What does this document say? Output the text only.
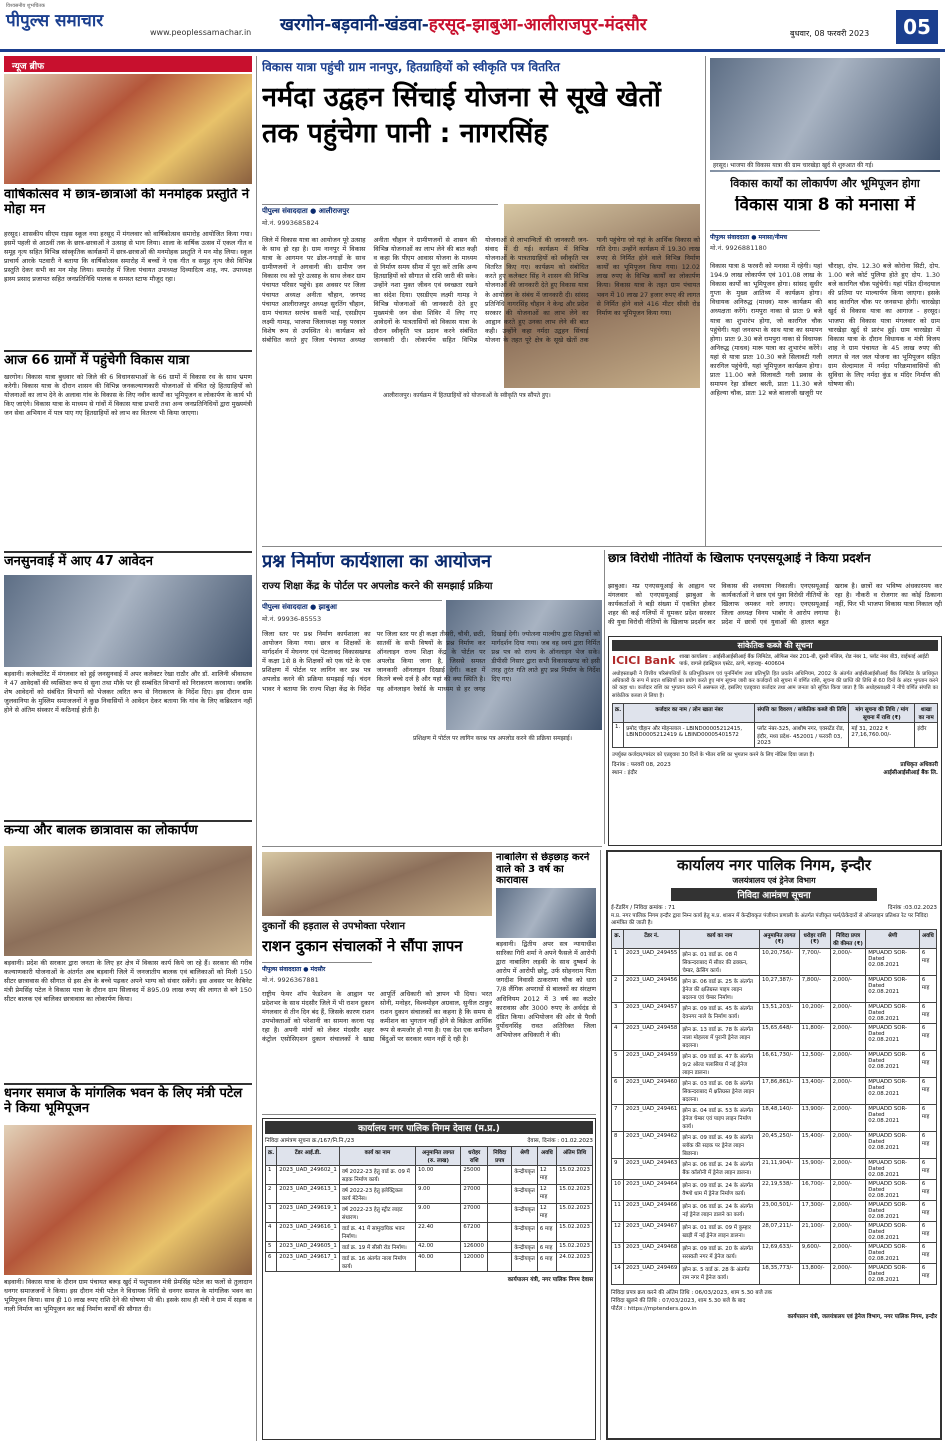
विश्वसनीय शुभचिंतक
पीपुल्स समाचार
www.peoplessamachar.in खरगोन-बड़वानी-खंडवा-हरसूद-झाबुआ-आलीराजपुर-मंदसौर	बुधवार, 08 फरवरी 2023	05
न्यूज ब्रीफ
वार्षिकोत्सव में छात्र-छात्राओं की मनमोहक प्रस्तुति ने मोहा मन
हरसूद। शासकीय सीएम राइस स्कूल नया हरसूद में मंगलवार को वार्षिकोत्सव समारोह आयोजित किया गया। इसमें पहली से आठवीं तक के छात्र-छात्राओं ने उत्साह से भाग लिया। शाला के वार्षिक उत्सव में एकल गीत व समूह नृत्य सहित विभिन्न सांस्कृतिक कार्यक्रमों में छात्र-छात्राओं की मनमोहक प्रस्तुति ने मन मोह लिया। स्कूल प्राचार्य आरके पटवारी ने बताया कि वार्षिकोत्सव समारोह में बच्चों ने एक गीत व समूह नृत्य जैसे विभिन्न प्रस्तुति देकर सभी का मन मोह लिया। समारोह में जिला पंचायत उपाध्यक्ष दिव्यादित्य शाह, नप. उपाध्यक्ष ह्रास्य प्रसाद प्रजापत सहित जनप्रतिनिधि पालक व समस्त स्टाफ मौजूद रहा।
आज 66 ग्रामों में पहुंचेगी विकास यात्रा
खरगोन। विकास यात्रा बुधवार को जिले की 6 विधानसभाओं के 66 ग्रामों में विकास रथ के साथ भ्रमण करेगी। विकास यात्रा के दौरान शासन की विभिन्न जनकल्याणकारी योजनाओं से वंचित रहे हितग्राहियों को योजनाओं का लाभ देने के अलावा गांव के विकास के लिए नवीन कार्यों का भूमिपूजन व लोकार्पण के कार्य भी किए जाएंगे। विकास यात्रा के माध्यम से गांवों में विकास यात्रा प्रभारी तथा अन्य जनप्रतिनिधियों द्वारा मुख्यमंत्री जन सेवा अभियान में पात्र पाए गए हितग्राहियों को लाभ का वितरण भी किया जाएगा।
जनसुनवाई में आए 47 आवेदन
बड़वानी। कलेक्टोरेट में मंगलवार को हुई जनसुनवाई में अपर कलेक्टर रेखा राठौर और डॉ. शालिनी श्रीवास्तव ने 47 आवेदकों की व्यक्तिशः रूप से सुना तथा मौके पर ही सम्बंधित विभागों को निराकरण करवाया। जबकि शेष आवेदनों को संबंधित विभागों को भेजकर त्वरित रूप से निराकरण के निर्देश दिए। इस दौरान ग्राम जुलवानिया के मुस्लिम समाजजनों ने कुछ निवासियों ने आवेदन देकर बताया कि गांव के लिए कब्रिस्तान नहीं होने से अंतिम संस्कार में कठिनाई होती है।
कन्या और बालक छात्रावास का लोकार्पण
बड़वानी। प्रदेश की सरकार द्वारा जनता के लिए हर क्षेत्र में विकास कार्य किये जा रहे हैं। सरकार की गरीब कल्याणकारी योजनाओं के अंतर्गत अब बड़वानी जिले में जनजातीय बालक एवं बालिकाओं को मिली 150 सीटर छात्रावास की सौगात से इस क्षेत्र के बच्चे पढ़कर अपने भाग्य को संवार सकेंगे। इस अवसर पर कैबिनेट मंत्री प्रेमसिंह पटेल ने विकास यात्रा के दौरान ग्राम सिलावद में 895.09 लाख रुपए की लागत से बने 150 सीटर बालक एवं बालिका छात्रावास का लोकार्पण किया।
धनगर समाज के मांगलिक भवन के लिए मंत्री पटेल ने किया भूमिपूजन
बड़वानी। विकास यात्रा के दौरान ग्राम पंचायत बरूड़ खुर्द में पशुपालन मंत्री प्रेमसिंह पटेल का फलों से तुलादान धनगर समाजजनों ने किया। इस दौरान मंत्री पटेल ने विधायक निधि से धनगर समाज के मांगलिक भवन का भूमिपूजन किया। साथ ही 10 लाख रुपए राशि देने की घोषणा भी की। इसके साथ ही मंत्री ने ग्राम में सड़क व नाली निर्माण का भूमिपूजन कर कई निर्माण कार्यों की सौगात दी।
विकास यात्रा पहुंची ग्राम नानपुर, हितग्राहियों को स्वीकृति पत्र वितरित
नर्मदा उद्वहन सिंचाई योजना से सूखे खेतों तक पहुंचेगा पानी : नागरसिंह
पीपुल्स संवाददाता ● आलीराजपुर
मो.नं. 9993685824
आलीराजपुर। कार्यक्रम में हितग्राहियों को योजनाओं के स्वीकृति पत्र सौंपते हुए।
जिले में विकास यात्रा का आयोजन पूरे उत्साह के साथ हो रहा है। ग्राम नानपुर में विकास यात्रा के आगमन पर ढोल-नगाड़ों के साथ ग्रामीणजनों ने अगवानी की। ग्रामीण जन विकास रथ को पूरे उत्साह के साथ लेकर ग्राम पंचायत परिसर पहुंचे। इस अवसर पर जिला पंचायत अध्यक्ष अनीता चौहान, जनपद पंचायत आलीराजपुर अध्यक्ष सुरतिंग चौहान, ग्राम पंचायत सरपंच सकरी भाई, एसडीएम लक्ष्मी गामड़, भाजपा जिलाध्यक्ष मकू परवाल विशेष रूप से उपस्थित थे। कार्यक्रम को संबोधित करते हुए जिला पंचायत अध्यक्ष अनीता चौहान ने ग्रामीणजनों से शासन की विभिन्न योजनाओं का लाभ लेने की बात कही व कहा कि पीएम आवास योजना के माध्यम से निर्माण समय सीमा में पूरा करें ताकि अन्य हितग्राहियों को सौगात से राशि जारी की सके। उन्होंने नशा मुक्त जीवन एवं स्वच्छता रखने का संदेश दिया। एसडीएम लक्ष्मी गामड़ ने विभिन्न योजनाओं की जानकारी देते हुए मुख्यमंत्री जन सेवा शिविर में लिए गए आवेदनों के पात्रतासियों को विकास यात्रा के दौरान स्वीकृति पत्र प्रदान करने संबंधित जानकारी दी। लोकार्पण सहित विभिन्न योजनाओं से लाभान्वितों की जानकारी जन-संवाद में दी गई। कार्यक्रम में विभिन्न योजनाओं के पात्रताग्राहियों को स्वीकृति पत्र वितरित किए गए। कार्यक्रम को संबोधित करते हुए कलेक्टर सिंह ने शासन की विभिन्न योजनाओं की जानकारी देते हुए विकास यात्रा के आयोजन के संबंध में जानकारी दी। सांसद प्रतिनिधि नागरसिंह चौहान ने केन्द्र और प्रदेश सरकार की योजनाओं का लाभ लेने का आह्वान करते हुए उनका लाभ लेने की बात कही। उन्होंने कहा नर्मदा उद्वहन सिंचाई योजना के तहत पूरे क्षेत्र के सूखे खेतों तक पानी पहुंचेगा जो यहां के आर्थिक विकास को गति देगा। उन्होंने कार्यक्रम में 19.30 लाख रुपए से निर्मित होने वाले विभिन्न निर्माण कार्यों का भूमिपूजन किया गया। 12.02 लाख रुपए के विभिन्न कार्यों का लोकार्पण किया। विकास यात्रा के तहत ग्राम पंचायत भवन में 10 लाख 27 हजार रुपए की लागत से निर्मित होने वाले 416 मीटर सीसी रोड निर्माण का भूमिपूजन किया गया।
हरसूद। भाजपा की विकास यात्रा की ग्राम चारखेड़ा खुर्द से शुरुआत की गई।
विकास कार्यों का लोकार्पण और भूमिपूजन होगा
विकास यात्रा 8 को मनासा में
पीपुल्स संवाददाता ● मनासा/नीमच
मो.नं. 9926881180
विकास यात्रा 8 फरवरी को मनासा में रहेगी। यहां 194.9 लाख लोकार्पण एवं 101.08 लाख के विकास कार्यों का भूमिपूजन होगा। सांसद सुधीर गुप्ता के मुख्य आतिथ्य में कार्यक्रम होगा। विधायक अनिरुद्ध (माधव) मारू कार्यक्रम की अध्यक्षता करेंगे। रामपुरा नाका से प्रातः 9 बजे यात्रा का शुभारंभ होगा, जो कारगिल चौक पहुंचेगी। यहां जनसभा के साथ यात्रा का समापन होगा। प्रातः 9.30 बजे रामपुरा नाका से विधायक अनिरुद्ध (माधव) मारू यात्रा का शुभारंभ करेंगे। यहां से यात्रा प्रातः 10.30 बजे सिलावटी गली कारगिल पहुंचेगी, यहां भूमिपूजन कार्यक्रम होगा। प्रातः 11.00 बजे सिलावटी गली प्रवास के समापन रेहा डॉक्टर बस्ती, प्रातः 11.30 बजे अहिल्या चौक, प्रातः 12 बजे बालाजी खजूरी पर चौराहा, दोप. 12.30 बजे कोरोना सिटी, दोप. 1.00 बजे कोर्ट पुलिया होते हुए दोप. 1.30 बजे कारगिल चौक पहुंचेगी। यहां पंडित दीनदयाल की प्रतिमा पर माल्यार्पण किया जाएगा। इसके बाद कारगिल चौक पर जनसभा होगी। चारखेड़ा खुर्द से विकास यात्रा का आगाज - हरसूद। भाजपा की विकास यात्रा मंगलवार को ग्राम चारखेड़ा खुर्द से प्रारंभ हुई। ग्राम चारखेड़ा में विकास यात्रा के दौरान विधायक व मंत्री विजय शाह ने ग्राम पंचायत के 45 लाख रुपए की लागत से नल जल योजना का भूमिपूजन सहित ग्राम सेल्दामाल में नर्मदा परिक्रमावासियों की सुविधा के लिए नर्मदा कुंड व मंदिर निर्माण की घोषणा की।
प्रश्न निर्माण कार्यशाला का आयोजन
राज्य शिक्षा केंद्र के पोर्टल पर अपलोड करने की समझाई प्रक्रिया
पीपुल्स संवाददाता ● झाबुआ
मो.नं. 99936-85553
प्रशिक्षण में पोर्टल पर लागिन करश्न पत्र अपलोड करने की प्रक्रिया समझाई।
जिला स्तर पर प्रश्न निर्माण कार्यशाला का आयोजन किया गया। छात्र व शिक्षकों के मार्गदर्शन में मेघनगर एवं पेटलावद विकासखण्ड में कक्षा 1से 8 के शिक्षकों को एक घंटे के एक प्रशिक्षण में पोर्टल पर लागिन कर प्रश्न पत्र अपलोड करने की प्रक्रिया समझाई गई। चंदन भावर ने बताया कि राज्य शिक्षा केंद्र के निर्देश पर जिला स्तर पर ही कक्षा तीसरी, चौथी, छठी, सातवीं के सभी विषयों के प्रश्न निर्माण कर ऑनलाइन राज्य शिक्षा केंद्र के पोर्टल पर अपलोड किया जाना है, जिससे समस्त जानकारी ऑनलाइन दिखाई देगी। कक्षा में कितने बच्चे दर्ज है और यहां की क्या स्थिति है। यह ऑनलाइन रेकॉर्ड के माध्यम से हर जगह दिखाई देगी। ज्योत्स्ना माल्वीय द्वारा शिक्षकों को मार्गदर्शन दिया गया। जब वह स्वयं द्वारा निर्मित प्रश्न पत्र को राज्य के ऑनलाइन भेज सके। डीपीसी निसार द्वारा सभी विकासखण्ड को इसी तरह तुरंत गति लाते हुए प्रश्न निर्माण के निर्देश दिए गए।
छात्र विरोधी नीतियों के खिलाफ एनएसयूआई ने किया प्रदर्शन
झाबुआ। मप्र एनएसयूआई के आह्वान पर मंगलवार को एनएसयूआई झाबुआ के कार्यकर्ताओं ने बड़ी संख्या में एकत्रित होकर शहर की कई गलियों में घूमकर प्रदेश सरकार की युवा विरोधी नीतियों के खिलाफ प्रदर्शन कर विकास की शवयात्रा निकाली। एनएसयूआई कार्यकर्ताओं ने छात्र एवं युवा विरोधी नीतियों के खिलाफ जमकर नारे लगाए। एनएसयूआई जिला अध्यक्ष विनय भाबोर ने आरोप लगाया प्रदेश में छात्रों एवं युवाओं की हालत बहुत खराब है। छात्रों का भविष्य अंधकारमय कर रहा है। नौकरी व रोजगार का कोई ठिकाना नहीं, फिर भी भाजपा विकास यात्रा निकाल रही है।
सांकेतिक कब्जे की सूचना
ICICI Bank शाखा कार्यालय : आईसीआईसीआई बैंक लिमिटेड, ऑफिस नंबर 201-बी, दूसरी मंजिल, रोड नंबर 1, प्लॉट नंबर बी3, वाईफाई आईटी पार्क, वागले इंडस्ट्रियल एस्टेट, ठाणे, महाराष्ट्र- 400604
अधोहस्ताक्षरी ने वित्तीय परिसंपत्तियों के प्रतिभूतिकरण एवं पुनर्निर्माण तथा प्रतिभूति हित प्रवर्तन अधिनियम, 2002 के अंतर्गत आईसीआईसीआई बैंक लिमिटेड के प्राधिकृत अधिकारी के रूप में प्रदत्त शक्तियों का प्रयोग करते हुए मांग सूचना जारी कर कर्जदारों को सूचना में वर्णित राशि, सूचना की प्राप्ति की तिथि से 60 दिनों के अंदर भुगतान करने को कहा था। कर्जदार राशि का भुगतान करने में असफल रहे, इसलिए एतद्द्वारा कर्जदार तथा आम जनता को सूचित किया जाता है कि अधोहस्ताक्षरी ने नीचे वर्णित संपत्ति का सांकेतिक कब्जा ले लिया है।
क्र.	कर्जदार का नाम / लोन खाता नंबर	संपत्ति का विवरण / सांकेतिक कब्जे की तिथि	मांग सूचना की तिथि / मांग सूचना में राशि (₹)	शाखा का नाम
1.	प्रमोद चौहान और मोहनलाल - LBIND00005212415, LBIND0005212419 & LBIND00005401572	प्लॉट नंबर-325, आशीष नगर, एक्सटेंड रोड, इंदौर, मध्य प्रदेश- 452001 / फरवरी 03, 2023	मई 31, 2022 ₹ 27,16,760.00/-	इंदौर
उपर्युक्त कर्जदार/गारंटर को एतद्द्वारा 30 दिनों के भीतर राशि का भुगतान करने के लिए नोटिस दिया जाता है।
दिनांक : फरवरी 08, 2023
स्थान : इंदौर
प्राधिकृत अधिकारी
आईसीआईसीआई बैंक लि.
दुकानों की हड़ताल से उपभोक्ता परेशान
राशन दुकान संचालकों ने सौंपा ज्ञापन
पीपुल्स संवाददाता ● मंदसौर
मो.नं. 9926367881
राष्ट्रीय फेयर शॉप फेडरेशन के आह्वान पर प्रदेशभर के साथ मंदसौर जिले में भी राशन दुकान मंगलवार से तीन दिन बंद हैं, जिसके कारण राशन उपभोक्ताओं को परेशानी का सामना करना पड़ रहा है। अपनी मांगों को लेकर मंदसौर शहर कंट्रोल एसोसिएशन दुकान संचालकों ने खाद्य आपूर्ति अधिकारी को ज्ञापन भी दिया। भरत सोनी, मनोहर, विश्वमोहन अग्रवाल, सुनील ठाकुर राशन दुकान संचालकों का कहना है कि समय से कमीशन का भुगतान नहीं होने से विक्रेता आर्थिक रूप से कमजोर हो गया है। एक देश एक कमीशन बिंदुओं पर सरकार ध्यान नहीं दे रही है।
नाबालिग से छेड़छाड़ करने वाले को 3 वर्ष का कारावास
बड़वानी। द्वितीय अपर सत्र न्यायाधीश सारिका गिरी शर्मा ने अपने फैसले में आरोपी द्वारा नाबालिग लड़की के साथ दुष्कर्म के आरोप में आरोपी छोटू, उर्फ सोहनराम पिता जगदीश निवासी ठाकराणा चौक को धारा 7/8 लैंगिक अपराधों से बालकों का संरक्षण अधिनियम 2012 में 3 वर्ष का कठोर कारावास और 3000 रुपए के अर्थदंड से दंडित किया। अभियोजन की ओर से पैरवी दुर्योधनसिंह रावत अतिरिक्त जिला अभियोजन अधिकारी ने की।
कार्यालय नगर पालिक निगम देवास (म.प्र.)
निविदा आमंत्रण सूचना क्र./167/नि.नि./23	देवास, दिनांक : 01.02.2023
क्र.	टेंडर आई.डी.	कार्य का नाम	अनुमानित लागत (रु. लाख)	धरोहर राशि	निविदा प्रपत्र	श्रेणी	अवधि	अंतिम तिथि
1	2023_UAD_249602_1	वर्ष 2022-23 हेतु वार्ड क्र. 09 में सड़क निर्माण कार्य।	10.00	25000		केन्द्रीयकृत	12 माह	15.02.2023
2	2023_UAD_249613_1	वर्ष 2022-23 हेतु इलेक्ट्रिकल कार्य मेंटेनेंस।	9.00	27000		केन्द्रीयकृत	12 माह	15.02.2023
3	2023_UAD_249619_1	वर्ष 2022-23 हेतु स्ट्रीट लाइट संधारण।	9.00	27000		केन्द्रीयकृत	12 माह	15.02.2023
4	2023_UAD_249616_1	वार्ड क्र. 41 में सामुदायिक भवन निर्माण।	22.40	67200		केन्द्रीयकृत	6 माह	15.02.2023
5	2023_UAD_249605_1	वार्ड क्र. 19 में सीसी रोड निर्माण।	42.00	126000		केन्द्रीयकृत	6 माह	15.02.2023
6	2023_UAD_249617_1	वार्ड क्र. 16 अंतर्गत नाला निर्माण कार्य।	40.00	120000		केन्द्रीयकृत	6 माह	24.02.2023
कार्यपालन यंत्री, नगर पालिक निगम देवास
कार्यालय नगर पालिक निगम, इन्दौर
जलयंत्रालय एवं ड्रेनेज विभाग
निविदा आमंत्रण सूचना
ई-टेंडरिंग / निविदा क्रमांक : 71	दिनांक :03.02.2023
म.प्र. नगर पालिक निगम इन्दौर द्वारा निम्न कार्य हेतु म.प्र. शासन में केन्द्रीयकृत पंजीयन प्रणाली के अंतर्गत पंजीकृत फर्म/ठेकेदारों से ऑनलाइन प्रतिशत रेट पर निविदा आमंत्रित की जाती है।
क्र.	टेंडर नं.	कार्य का नाम	अनुमानित लागत (₹)	धरोहर राशि (₹)	निविदा प्रपत्र की कीमत (₹)	श्रेणी	अवधि
1	2023_UAD_249455	झोन क्र. 01 वार्ड क्र. 08 में सिकन्दराबाद में सीवर की ढक्कन, चेम्बर, क्रेसिंग कार्य।	10,20,756/-	7,700/-	2,000/-	MPUADD SOR-Dated 02.08.2021	6 माह
2	2023_UAD_249456	झोन क्र. 06 वार्ड क्र. 25 के अंतर्गत ड्रेनेज की क्षतिग्रस्त पाइप लाइन बदलना एवं चेम्बर निर्माण।	10,27,387/-	7,800/-	2,000/-	MPUADD SOR-Dated 02.08.2021	6 माह
3	2023_UAD_249457	झोन क्र. 09 वार्ड क्र. 45 के अंतर्गत देवनगर नाले के निर्माण कार्य।	13,51,203/-	10,200/-	2,000/-	MPUADD SOR-Dated 02.08.2021	6 माह
4	2023_UAD_249458	झोन क्र. 13 वार्ड क्र. 78 के अंतर्गत नाला मोहल्ला में पुरानी ड्रेनेज लाइन बदलना।	15,65,648/-	11,800/-	2,000/-	MPUADD SOR-Dated 02.08.2021	6 माह
5	2023_UAD_249459	झोन क्र. 09 वार्ड क्र. 47 के अंतर्गत 9/2 ओल्ड पलासिया में नई ड्रेनेज लाइन डालना।	16,61,730/-	12,500/-	2,000/-	MPUADD SOR-Dated 02.08.2021	6 माह
6	2023_UAD_249460	झोन क्र. 03 वार्ड क्र. 08 के अंतर्गत सिकन्दराबाद में क्षतिग्रस्त ड्रेनेज लाइन बदलना।	17,86,861/-	13,400/-	2,000/-	MPUADD SOR-Dated 02.08.2021	6 माह
7	2023_UAD_249461	झोन क्र. 04 वार्ड क्र. 53 के अंतर्गत ड्रेनेज चेम्बर एवं पाइप लाइन निर्माण कार्य।	18,48,140/-	13,900/-	2,000/-	MPUADD SOR-Dated 02.08.2021	6 माह
8	2023_UAD_249462	झोन क्र. 09 वार्ड क्र. 49 के अंतर्गत ब्लॉक की सड़क पर ड्रेनेज लाइन बिछाना।	20,45,250/-	15,400/-	2,000/-	MPUADD SOR-Dated 02.08.2021	6 माह
9	2023_UAD_249463	झोन क्र. 06 वार्ड क्र. 24 के अंतर्गत बैंक कॉलोनी में ड्रेनेज लाइन डालना।	21,11,904/-	15,900/-	2,000/-	MPUADD SOR-Dated 02.08.2021	6 माह
10	2023_UAD_249464	झोन क्र. 09 वार्ड क्र. 24 के अंतर्गत वैष्णो धाम में ड्रेनेज निर्माण कार्य।	22,19,538/-	16,700/-	2,000/-	MPUADD SOR-Dated 02.08.2021	6 माह
11	2023_UAD_249466	झोन क्र. 06 वार्ड क्र. 24 के अंतर्गत नई ड्रेनेज लाइन डालने का कार्य।	23,00,501/-	17,300/-	2,000/-	MPUADD SOR-Dated 02.08.2021	6 माह
12	2023_UAD_249467	झोन क्र. 01 वार्ड क्र. 09 में कुम्हार खाड़ी में नई ड्रेनेज लाइन डालना।	28,07,211/-	21,100/-	2,000/-	MPUADD SOR-Dated 02.08.2021	6 माह
13	2023_UAD_249468	झोन क्र. 09 वार्ड क्र. 20 के अंतर्गत सरस्वती नगर में ड्रेनेज कार्य।	12,69,633/-	9,600/-	2,000/-	MPUADD SOR-Dated 02.08.2021	6 माह
14	2023_UAD_249469	झोन क्र. 5 वार्ड क्र. 28 के अंतर्गत राम नगर में ड्रेनेज कार्य।	18,35,773/-	13,800/-	2,000/-	MPUADD SOR-Dated 02.08.2021	6 माह
निविदा प्रपत्र क्रय करने की अंतिम तिथि : 06/03/2023, शाम 5.30 बजे तक
निविदा खुलने की तिथि : 07/03/2023, शाम 5.30 बजे के बाद
पोर्टल : https://mptenders.gov.in
कार्यपालन यंत्री, जलयंत्रालय एवं ड्रेनेज विभाग, नगर पालिक निगम, इन्दौर
